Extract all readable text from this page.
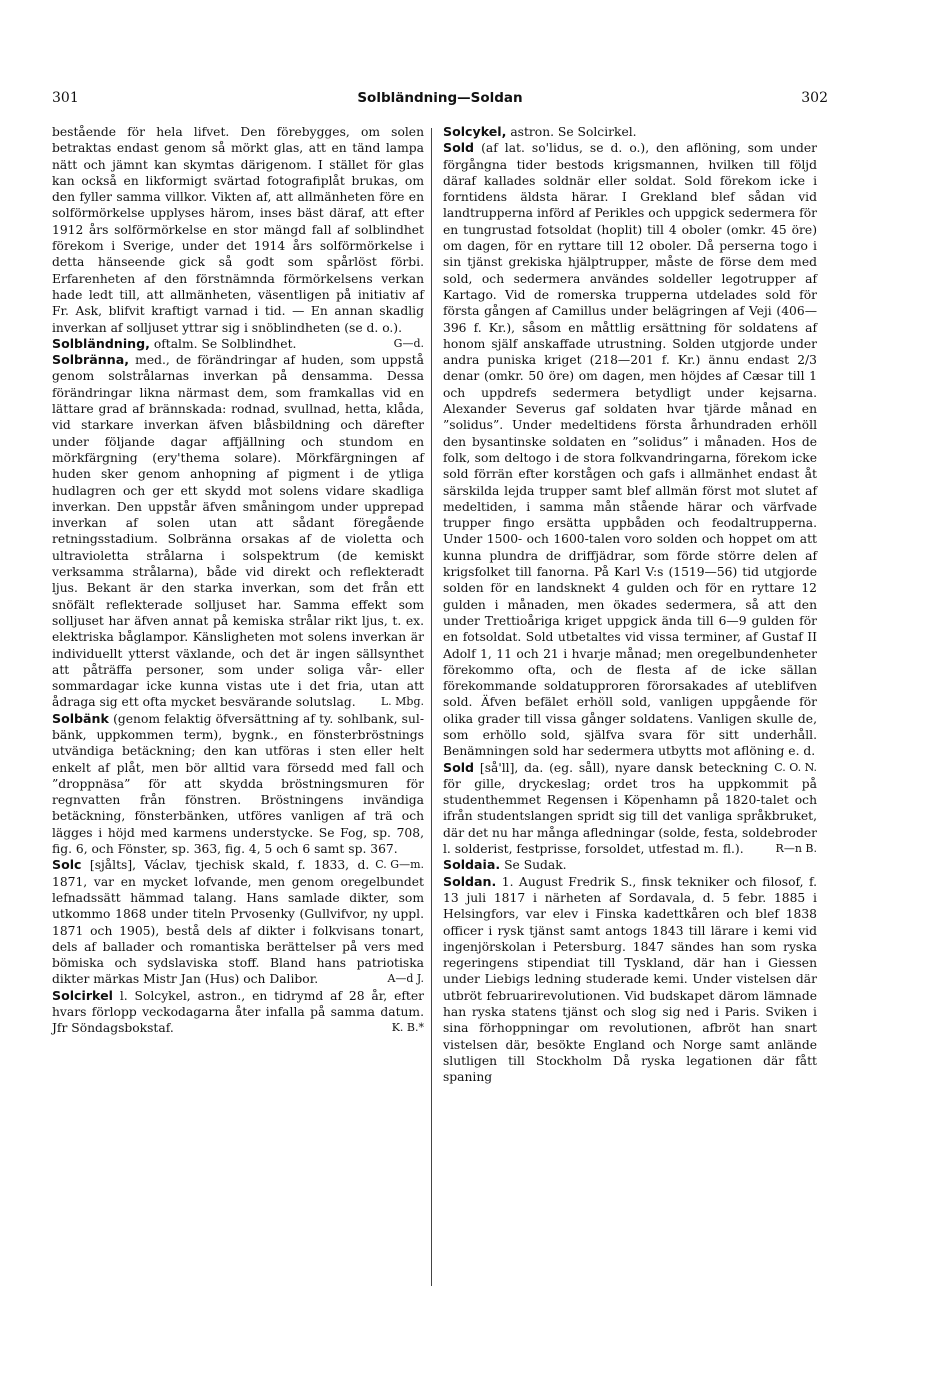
301	Solbländning—Soldan	302

bestående för hela lifvet. Den förebygges, om solen betraktas endast genom så mörkt glas, att en tänd lampa nätt och jämnt kan skymtas därigenom. I stället för glas kan också en likformigt svärtad fotografiplåt brukas, om den fyller samma villkor. Vikten af, att allmänheten före en solförmörkelse upplyses härom, inses bäst däraf, att efter 1912 års solförmörkelse en stor mängd fall af solblindhet förekom i Sverige, under det 1914 års solförmörkelse i detta hänseende gick så godt som spårlöst förbi. Erfarenheten af den förstnämnda förmörkelsens verkan hade ledt till, att allmänheten, väsentligen på initiativ af Fr. Ask, blifvit kraftigt varnad i tid. — En annan skadlig inverkan af solljuset yttrar sig i snöblindheten (se d. o.).
G—d.

Solbländning, oftalm. Se Solblindhet.

Solbränna, med., de förändringar af huden, som uppstå genom solstrålarnas inverkan på densamma. Dessa förändringar likna närmast dem, som framkallas vid en lättare grad af brännskada: rodnad, svullnad, hetta, klåda, vid starkare inverkan äfven blåsbildning och därefter under följande dagar affjällning och stundom en mörkfärgning (ery'thema solare). Mörkfärgningen af huden sker genom anhopning af pigment i de ytliga hudlagren och ger ett skydd mot solens vidare skadliga inverkan. Den uppstår äfven småningom under upprepad inverkan af solen utan att sådant föregående retningsstadium. Solbränna orsakas af de violetta och ultravioletta strålarna i solspektrum (de kemiskt verksamma strålarna), både vid direkt och reflekteradt ljus. Bekant är den starka inverkan, som det från ett snöfält reflekterade solljuset har. Samma effekt som solljuset har äfven annat på kemiska strålar rikt ljus, t. ex. elektriska båglampor. Känsligheten mot solens inverkan är individuellt ytterst växlande, och det är ingen sällsynthet att påträffa personer, som under soliga vår- eller sommardagar icke kunna vistas ute i det fria, utan att ådraga sig ett ofta mycket besvärande solutslag. L. Mbg.

Solbänk (genom felaktig öfversättning af ty. sohlbank, sul-bänk, uppkommen term), bygnk., en fönsterbröstnings utvändiga betäckning; den kan utföras i sten eller helt enkelt af plåt, men bör alltid vara försedd med fall och ”droppnäsa” för att skydda bröstningsmuren för regnvatten från fönstren. Bröstningens invändiga betäckning, fönsterbänken, utföres vanligen af trä och lägges i höjd med karmens understycke. Se Fog, sp. 708, fig. 6, och Fönster, sp. 363, fig. 4, 5 och 6 samt sp. 367.
C. G—m.

Solc [sjålts], Václav, tjechisk skald, f. 1833, d. 1871, var en mycket lofvande, men genom oregelbundet lefnadssätt hämmad talang. Hans samlade dikter, som utkommo 1868 under titeln Prvosenky (Gullvifvor, ny uppl. 1871 och 1905), bestå dels af dikter i folkvisans tonart, dels af ballader och romantiska berättelser på vers med bömiska och sydslaviska stoff. Bland hans patriotiska dikter märkas Mistr Jan (Hus) och Dalibor.	A—d J.

Solcirkel l. Solcykel, astron., en tidrymd af 28 år, efter hvars förlopp veckodagarna åter infalla på samma datum. Jfr Söndagsbokstaf.	K. B.*

Solcykel, astron. Se Solcirkel.

Sold (af lat. so'lidus, se d. o.), den aflöning, som under förgångna tider bestods krigsmannen, hvilken till följd däraf kallades soldnär eller soldat. Sold förekom icke i forntidens äldsta härar. I Grekland blef sådan vid landtrupperna införd af Perikles och uppgick sedermera för en tungrustad fotsoldat (hoplit) till 4 oboler (omkr. 45 öre) om dagen, för en ryttare till 12 oboler. Då perserna togo i sin tjänst grekiska hjälptrupper, måste de förse dem med sold, och sedermera användes soldeller legotrupper af Kartago. Vid de romerska trupperna utdelades sold för första gången af Camillus under belägringen af Veji (406—396 f. Kr.), såsom en måttlig ersättning för soldatens af honom själf anskaffade utrustning. Solden utgjorde under andra puniska kriget (218—201 f. Kr.) ännu endast 2/3 denar (omkr. 50 öre) om dagen, men höjdes af Cæsar till 1 och uppdrefs sedermera betydligt under kejsarna. Alexander Severus gaf soldaten hvar tjärde månad en ”solidus”. Under medeltidens första århundraden erhöll den bysantinske soldaten en ”solidus” i månaden. Hos de folk, som deltogo i de stora folkvandringarna, förekom icke sold förrän efter korstågen och gafs i allmänhet endast åt särskilda lejda trupper samt blef allmän först mot slutet af medeltiden, i samma mån stående härar och värfvade trupper fingo ersätta uppbåden och feodaltrupperna. Under 1500- och 1600-talen voro solden och hoppet om att kunna plundra de driffjädrar, som förde större delen af krigsfolket till fanorna. På Karl V:s (1519—56) tid utgjorde solden för en landsknekt 4 gulden och för en ryttare 12 gulden i månaden, men ökades sedermera, så att den under Trettioåriga kriget uppgick ända till 6—9 gulden för en fotsoldat. Sold utbetaltes vid vissa terminer, af Gustaf II Adolf 1, 11 och 21 i hvarje månad; men oregelbundenheter förekommo ofta, och de flesta af de icke sällan förekommande soldatupproren förorsakades af uteblifven sold. Äfven befälet erhöll sold, vanligen uppgående för olika grader till vissa gånger soldatens. Vanligen skulle de, som erhöllo sold, själfva svara för sitt underhåll. Benämningen sold har sedermera utbytts mot aflöning e. d.
C. O. N.

Sold [så'll], da. (eg. såll), nyare dansk beteckning för gille, dryckeslag; ordet tros ha uppkommit på studenthemmet Regensen i Köpenhamn på 1820-talet och ifrån studentslangen spridt sig till det vanliga språkbruket, där det nu har många afledningar (solde, festa, soldebroder l. solderist, festprisse, forsoldet, utfestad m. fl.).	R—n B.

Soldaia. Se Sudak.

Soldan. 1. August Fredrik S., finsk tekniker och filosof, f. 13 juli 1817 i närheten af Sordavala, d. 5 febr. 1885 i Helsingfors, var elev i Finska kadettkåren och blef 1838 officer i rysk tjänst samt antogs 1843 till lärare i kemi vid ingenjörskolan i Petersburg. 1847 sändes han som ryska regeringens stipendiat till Tyskland, där han i Giessen under Liebigs ledning studerade kemi. Under vistelsen där utbröt februarirevolutionen. Vid budskapet därom lämnade han ryska statens tjänst och slog sig ned i Paris. Sviken i sina förhoppningar om revolutionen, afbröt han snart vistelsen där, besökte England och Norge samt anlände slutligen till Stockholm Då ryska legationen där fått spaning
